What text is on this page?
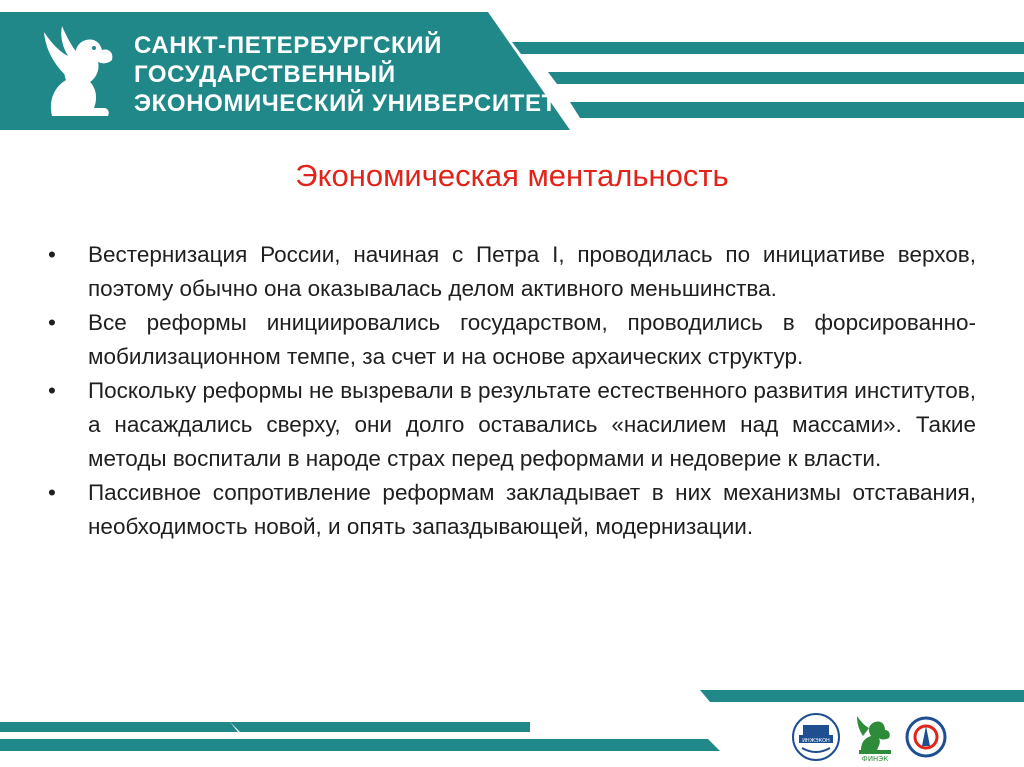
САНКТ-ПЕТЕРБУРГСКИЙ
ГОСУДАРСТВЕННЫЙ
ЭКОНОМИЧЕСКИЙ УНИВЕРСИТЕТ
Экономическая ментальность
•	Вестернизация России, начиная с Петра I, проводилась по инициативе верхов, поэтому обычно она оказывалась делом активного меньшинства.
•	Все реформы инициировались государством, проводились в форсированно-мобилизационном темпе, за счет и на основе архаических структур.
•	Поскольку реформы не вызревали в результате естественного развития институтов, а насаждались сверху, они долго оставались «насилием над массами». Такие методы воспитали в народе страх перед реформами и недоверие к власти.
•	Пассивное сопротивление реформам закладывает в них механизмы отставания, необходимость новой, и опять запаздывающей, модернизации.
ИНЖЭКОН
ФИНЭК
